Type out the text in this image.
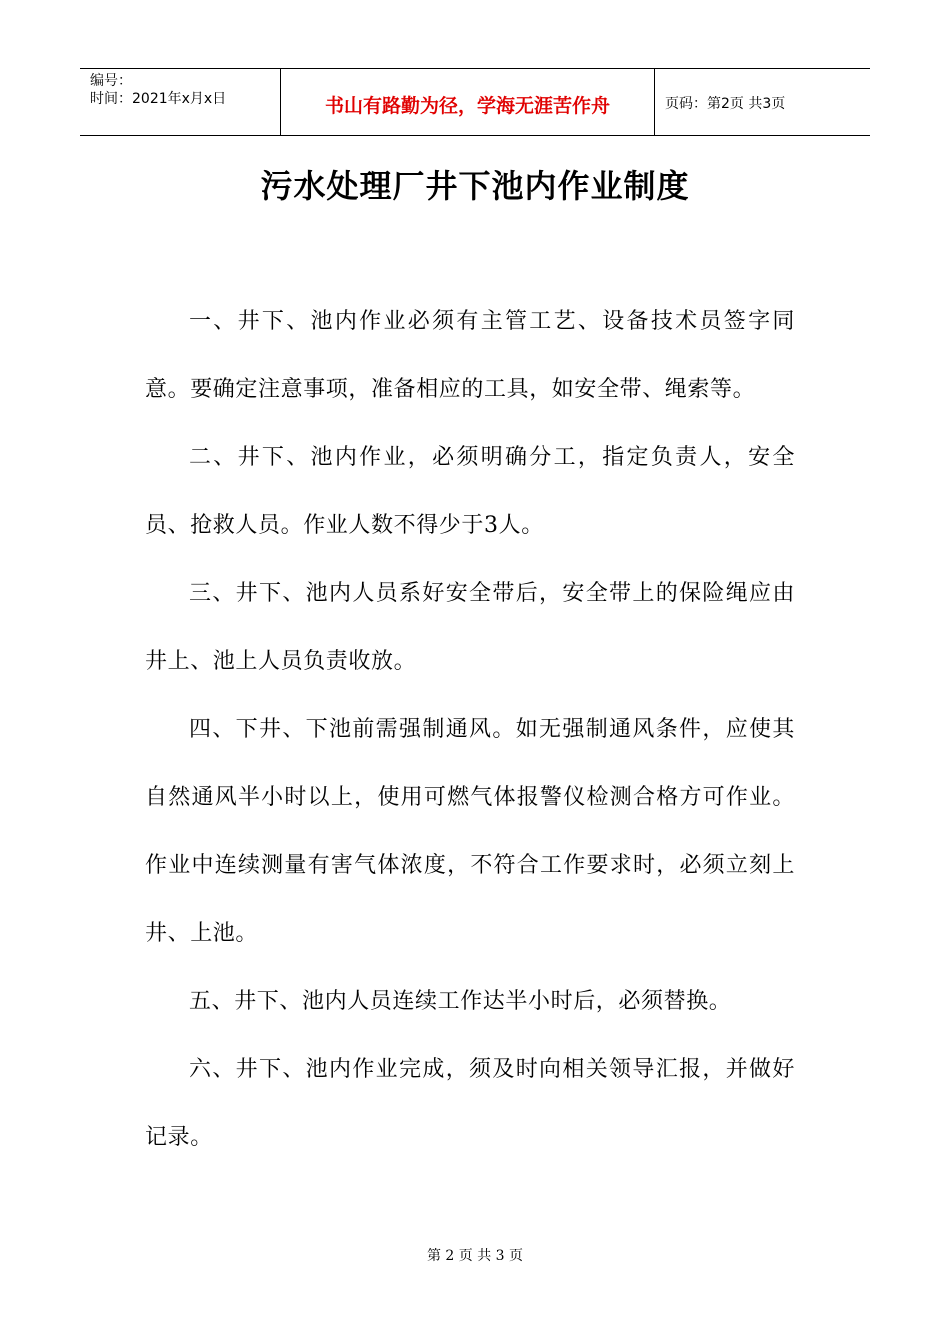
编号：
时间：2021年x月x日	书山有路勤为径，学海无涯苦作舟	页码：第2页 共3页
污水处理厂井下池内作业制度

一、井下、池内作业必须有主管工艺、设备技术员签字同意。要确定注意事项，准备相应的工具，如安全带、绳索等。

二、井下、池内作业，必须明确分工，指定负责人，安全员、抢救人员。作业人数不得少于3人。

三、井下、池内人员系好安全带后，安全带上的保险绳应由井上、池上人员负责收放。

四、下井、下池前需强制通风。如无强制通风条件，应使其自然通风半小时以上，使用可燃气体报警仪检测合格方可作业。作业中连续测量有害气体浓度，不符合工作要求时，必须立刻上井、上池。

五、井下、池内人员连续工作达半小时后，必须替换。

六、井下、池内作业完成，须及时向相关领导汇报，并做好记录。

第 2 页 共 3 页
